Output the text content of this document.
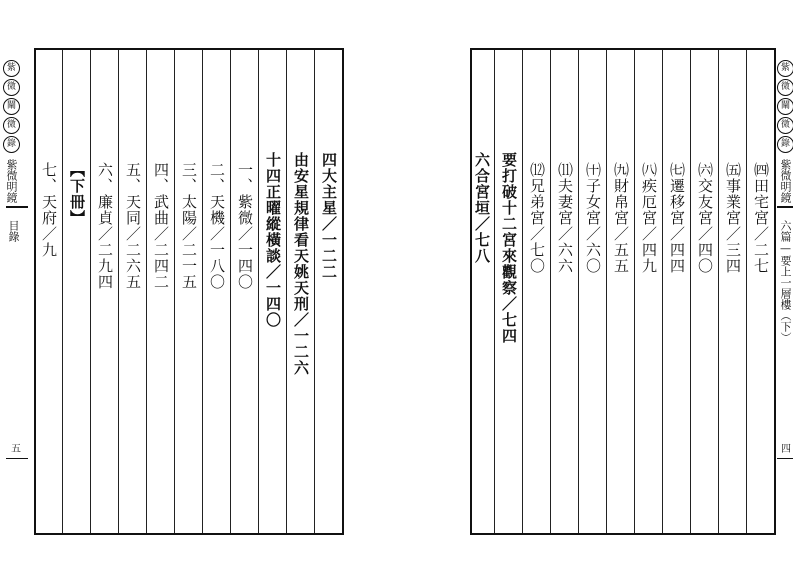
紫
微
闡
微
錄
紫微明鏡
目錄
五
四大主星／一二二
由安星規律看天姚天刑／一二六
十四正曜縱橫談／一四〇
一、紫微／一四〇
二、天機／一八〇
三、太陽／二一五
四、武曲／二四二
五、天同／二六五
六、廉貞／二九四
【下冊】
七、天府／九	㈣田宅宮／二七
㈤事業宮／三四
㈥交友宮／四〇
㈦遷移宮／四四
㈧疾厄宮／四九
㈨財帛宮／五五
㈩子女宮／六〇
⑾夫妻宮／六六
⑿兄弟宮／七〇
要打破十二宮來觀察／七四
六合宮垣／七八
紫
微
闡
微
錄
紫微明鏡
六篇—要上一層樓（下）
四
